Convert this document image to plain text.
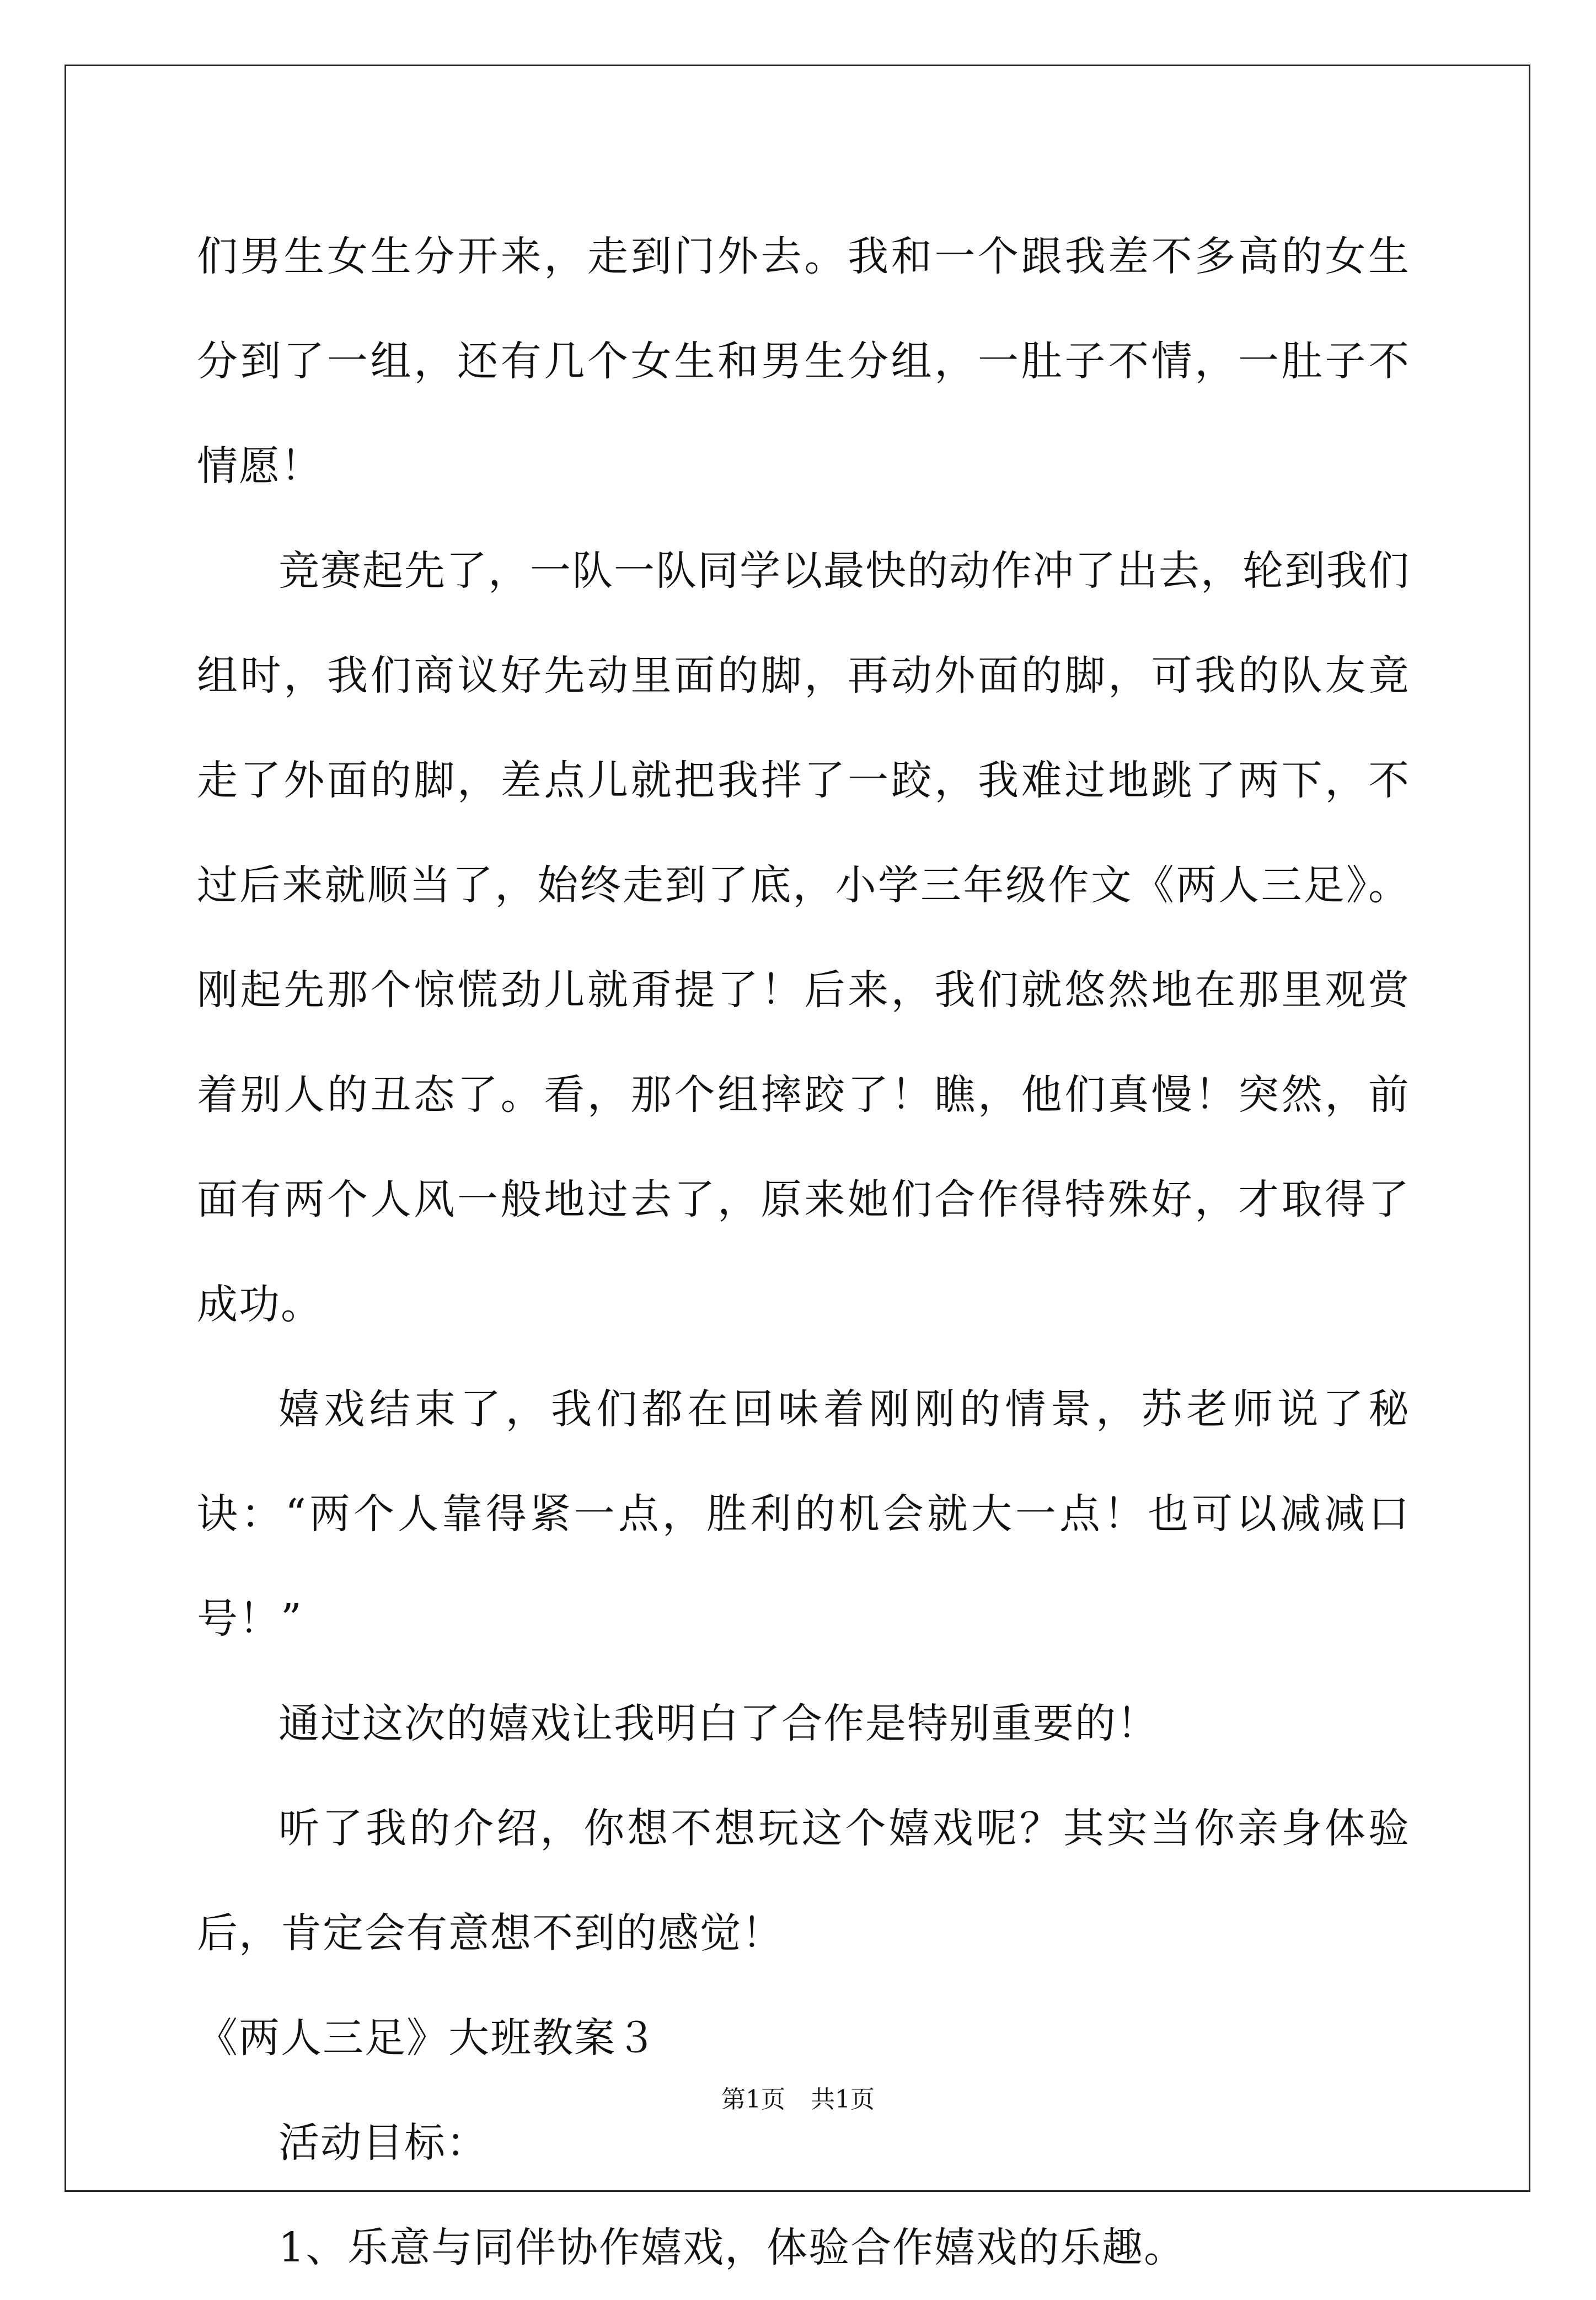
们男生女生分开来，走到门外去。我和一个跟我差不多高的女生分到了一组，还有几个女生和男生分组，一肚子不情，一肚子不情愿！

竞赛起先了，一队一队同学以最快的动作冲了出去，轮到我们组时，我们商议好先动里面的脚，再动外面的脚，可我的队友竟走了外面的脚，差点儿就把我拌了一跤，我难过地跳了两下，不过后来就顺当了，始终走到了底，小学三年级作文《两人三足》。刚起先那个惊慌劲儿就甭提了！后来，我们就悠然地在那里观赏着别人的丑态了。看，那个组摔跤了！瞧，他们真慢！突然，前面有两个人风一般地过去了，原来她们合作得特殊好，才取得了成功。

嬉戏结束了，我们都在回味着刚刚的情景，苏老师说了秘诀：“两个人靠得紧一点，胜利的机会就大一点！也可以减减口号！”

通过这次的嬉戏让我明白了合作是特别重要的！

听了我的介绍，你想不想玩这个嬉戏呢？其实当你亲身体验后，肯定会有意想不到的感觉！

《两人三足》大班教案３

活动目标：

1、乐意与同伴协作嬉戏，体验合作嬉戏的乐趣。

第1页 共1页
